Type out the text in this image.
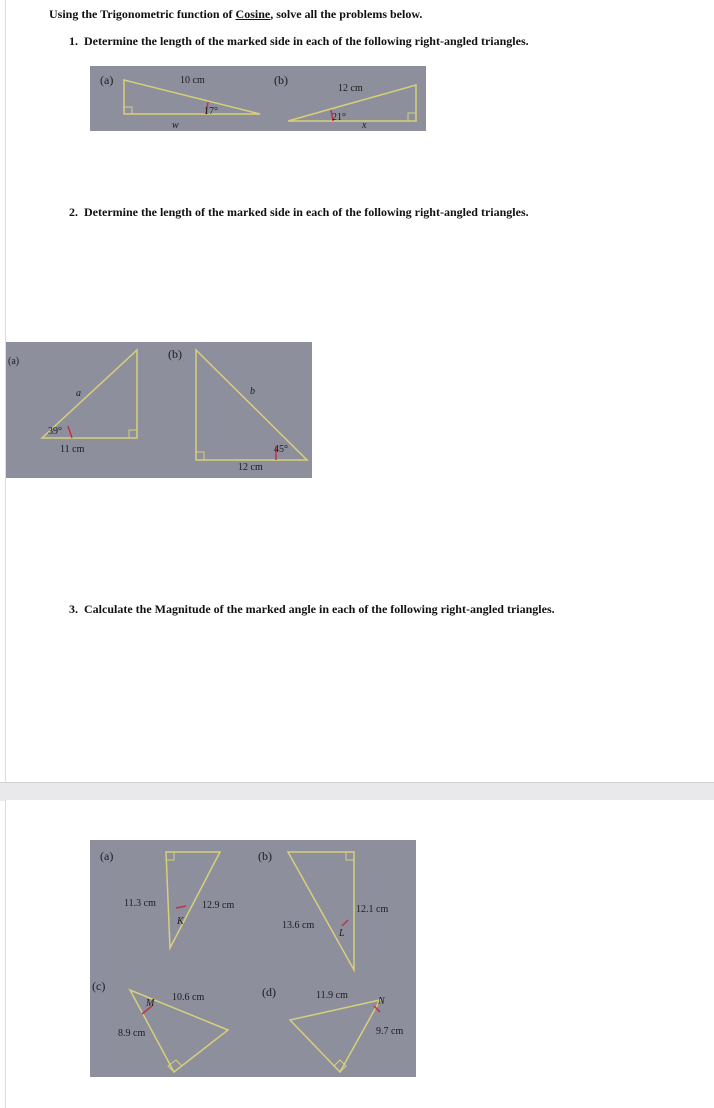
Using the Trigonometric function of Cosine, solve all the problems below.
1. Determine the length of the marked side in each of the following right-angled triangles.
(a)	10 cm
17°
w
(b)
12 cm
21°
x
2. Determine the length of the marked side in each of the following right-angled triangles.
(a)
a
39°
11 cm
(b)
b
45°
12 cm
3. Calculate the Magnitude of the marked angle in each of the following right-angled triangles.
(a)
11.3 cm	12.9 cm
K
(b)
13.6 cm
12.1 cm
L
(c)
10.6 cm
8.9 cm
M
(d)	11.9 cm
9.7 cm
N
